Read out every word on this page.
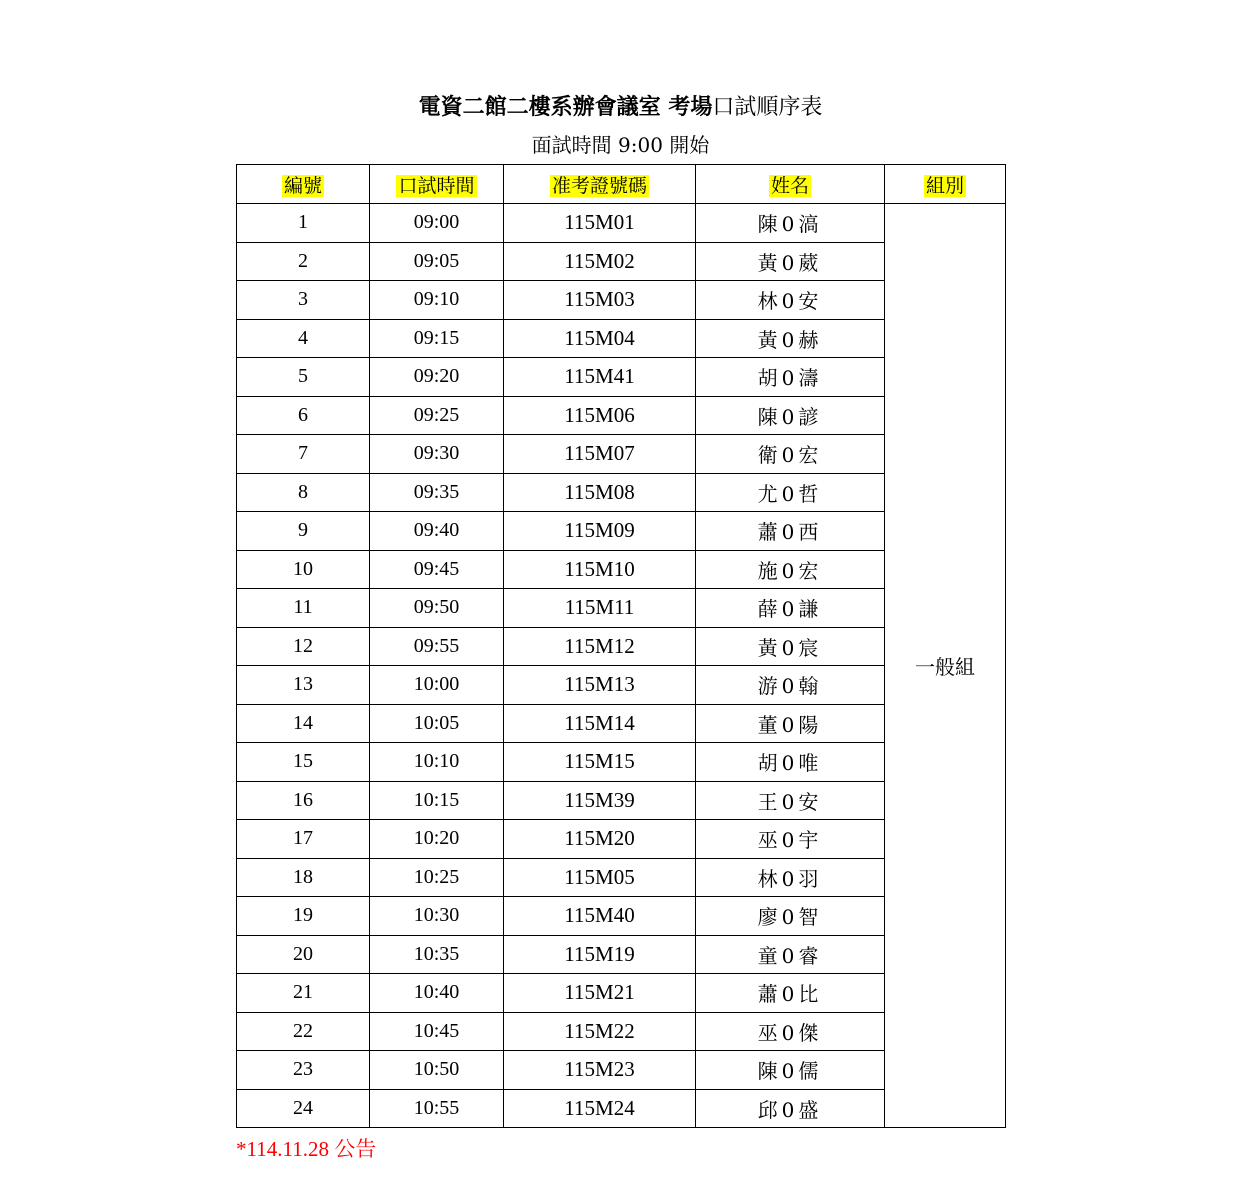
電資二館二樓系辦會議室 考場口試順序表
面試時間 9:00 開始
編號	口試時間	准考證號碼	姓名	組別
1	09:00	115M01	陳0滈	一般組
2	09:05	115M02	黃0葳	
3	09:10	115M03	林0安	
4	09:15	115M04	黃0赫	
5	09:20	115M41	胡0濤	
6	09:25	115M06	陳0諺	
7	09:30	115M07	衛0宏	
8	09:35	115M08	尤0哲	
9	09:40	115M09	蕭0西	
10	09:45	115M10	施0宏	
11	09:50	115M11	薛0謙	
12	09:55	115M12	黃0宸	
13	10:00	115M13	游0翰	
14	10:05	115M14	董0陽	
15	10:10	115M15	胡0唯	
16	10:15	115M39	王0安	
17	10:20	115M20	巫0宇	
18	10:25	115M05	林0羽	
19	10:30	115M40	廖0智	
20	10:35	115M19	童0睿	
21	10:40	115M21	蕭0比	
22	10:45	115M22	巫0傑	
23	10:50	115M23	陳0儒	
24	10:55	115M24	邱0盛	
*114.11.28 公告
